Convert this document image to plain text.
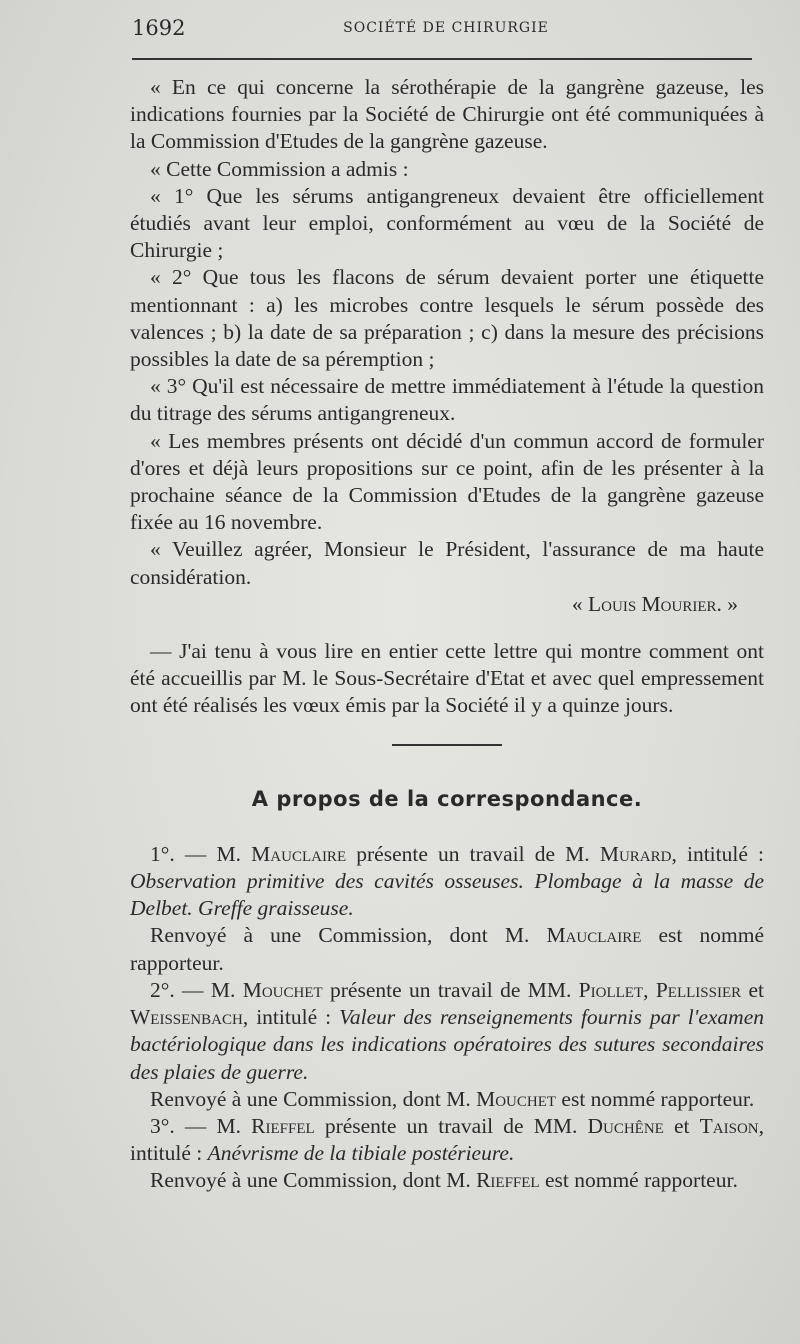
1692	SOCIÉTÉ DE CHIRURGIE

« En ce qui concerne la sérothérapie de la gangrène gazeuse, les indications fournies par la Société de Chirurgie ont été communiquées à la Commission d'Etudes de la gangrène gazeuse.

« Cette Commission a admis :

« 1° Que les sérums antigangreneux devaient être officiellement étudiés avant leur emploi, conformément au vœu de la Société de Chirurgie ;

« 2° Que tous les flacons de sérum devaient porter une étiquette mentionnant : a) les microbes contre lesquels le sérum possède des valences ; b) la date de sa préparation ; c) dans la mesure des précisions possibles la date de sa péremption ;

« 3° Qu'il est nécessaire de mettre immédiatement à l'étude la question du titrage des sérums antigangreneux.

« Les membres présents ont décidé d'un commun accord de formuler d'ores et déjà leurs propositions sur ce point, afin de les présenter à la prochaine séance de la Commission d'Etudes de la gangrène gazeuse fixée au 16 novembre.

« Veuillez agréer, Monsieur le Président, l'assurance de ma haute considération.

« Louis Mourier. »

— J'ai tenu à vous lire en entier cette lettre qui montre comment ont été accueillis par M. le Sous-Secrétaire d'Etat et avec quel empressement ont été réalisés les vœux émis par la Société il y a quinze jours.

A propos de la correspondance.

1°. — M. Mauclaire présente un travail de M. Murard, intitulé : Observation primitive des cavités osseuses. Plombage à la masse de Delbet. Greffe graisseuse.

Renvoyé à une Commission, dont M. Mauclaire est nommé rapporteur.

2°. — M. Mouchet présente un travail de MM. Piollet, Pellissier et Weissenbach, intitulé : Valeur des renseignements fournis par l'examen bactériologique dans les indications opératoires des sutures secondaires des plaies de guerre.

Renvoyé à une Commission, dont M. Mouchet est nommé rapporteur.

3°. — M. Rieffel présente un travail de MM. Duchêne et Taison, intitulé : Anévrisme de la tibiale postérieure.

Renvoyé à une Commission, dont M. Rieffel est nommé rapporteur.
